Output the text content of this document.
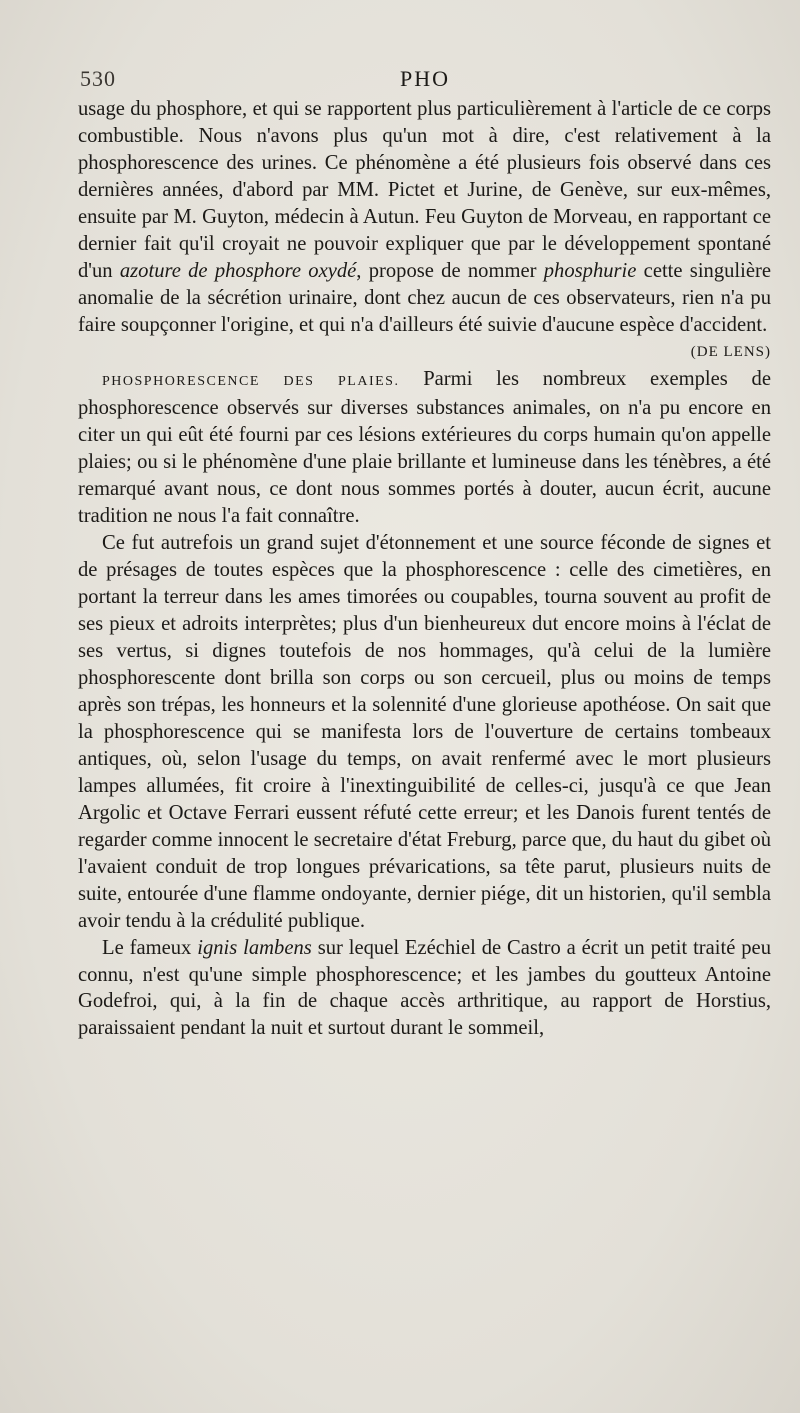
530	PHO

usage du phosphore, et qui se rapportent plus particulièrement à l'article de ce corps combustible. Nous n'avons plus qu'un mot à dire, c'est relativement à la phosphorescence des urines. Ce phénomène a été plusieurs fois observé dans ces dernières années, d'abord par MM. Pictet et Jurine, de Genève, sur eux-mêmes, ensuite par M. Guyton, médecin à Autun. Feu Guyton de Morveau, en rapportant ce dernier fait qu'il croyait ne pouvoir expliquer que par le développement spontané d'un azoture de phosphore oxydé, propose de nommer phosphurie cette singulière anomalie de la sécrétion urinaire, dont chez aucun de ces observateurs, rien n'a pu faire soupçonner l'origine, et qui n'a d'ailleurs été suivie d'aucune espèce d'accident.

(DE LENS)

PHOSPHORESCENCE DES PLAIES. Parmi les nombreux exemples de phosphorescence observés sur diverses substances animales, on n'a pu encore en citer un qui eût été fourni par ces lésions extérieures du corps humain qu'on appelle plaies; ou si le phénomène d'une plaie brillante et lumineuse dans les ténèbres, a été remarqué avant nous, ce dont nous sommes portés à douter, aucun écrit, aucune tradition ne nous l'a fait connaître.

Ce fut autrefois un grand sujet d'étonnement et une source féconde de signes et de présages de toutes espèces que la phosphorescence : celle des cimetières, en portant la terreur dans les ames timorées ou coupables, tourna souvent au profit de ses pieux et adroits interprètes; plus d'un bienheureux dut encore moins à l'éclat de ses vertus, si dignes toutefois de nos hommages, qu'à celui de la lumière phosphorescente dont brilla son corps ou son cercueil, plus ou moins de temps après son trépas, les honneurs et la solennité d'une glorieuse apothéose. On sait que la phosphorescence qui se manifesta lors de l'ouverture de certains tombeaux antiques, où, selon l'usage du temps, on avait renfermé avec le mort plusieurs lampes allumées, fit croire à l'inextinguibilité de celles-ci, jusqu'à ce que Jean Argolic et Octave Ferrari eussent réfuté cette erreur; et les Danois furent tentés de regarder comme innocent le secretaire d'état Freburg, parce que, du haut du gibet où l'avaient conduit de trop longues prévarications, sa tête parut, plusieurs nuits de suite, entourée d'une flamme ondoyante, dernier piége, dit un historien, qu'il sembla avoir tendu à la crédulité publique.

Le fameux ignis lambens sur lequel Ezéchiel de Castro a écrit un petit traité peu connu, n'est qu'une simple phosphorescence; et les jambes du goutteux Antoine Godefroi, qui, à la fin de chaque accès arthritique, au rapport de Horstius, paraissaient pendant la nuit et surtout durant le sommeil,
